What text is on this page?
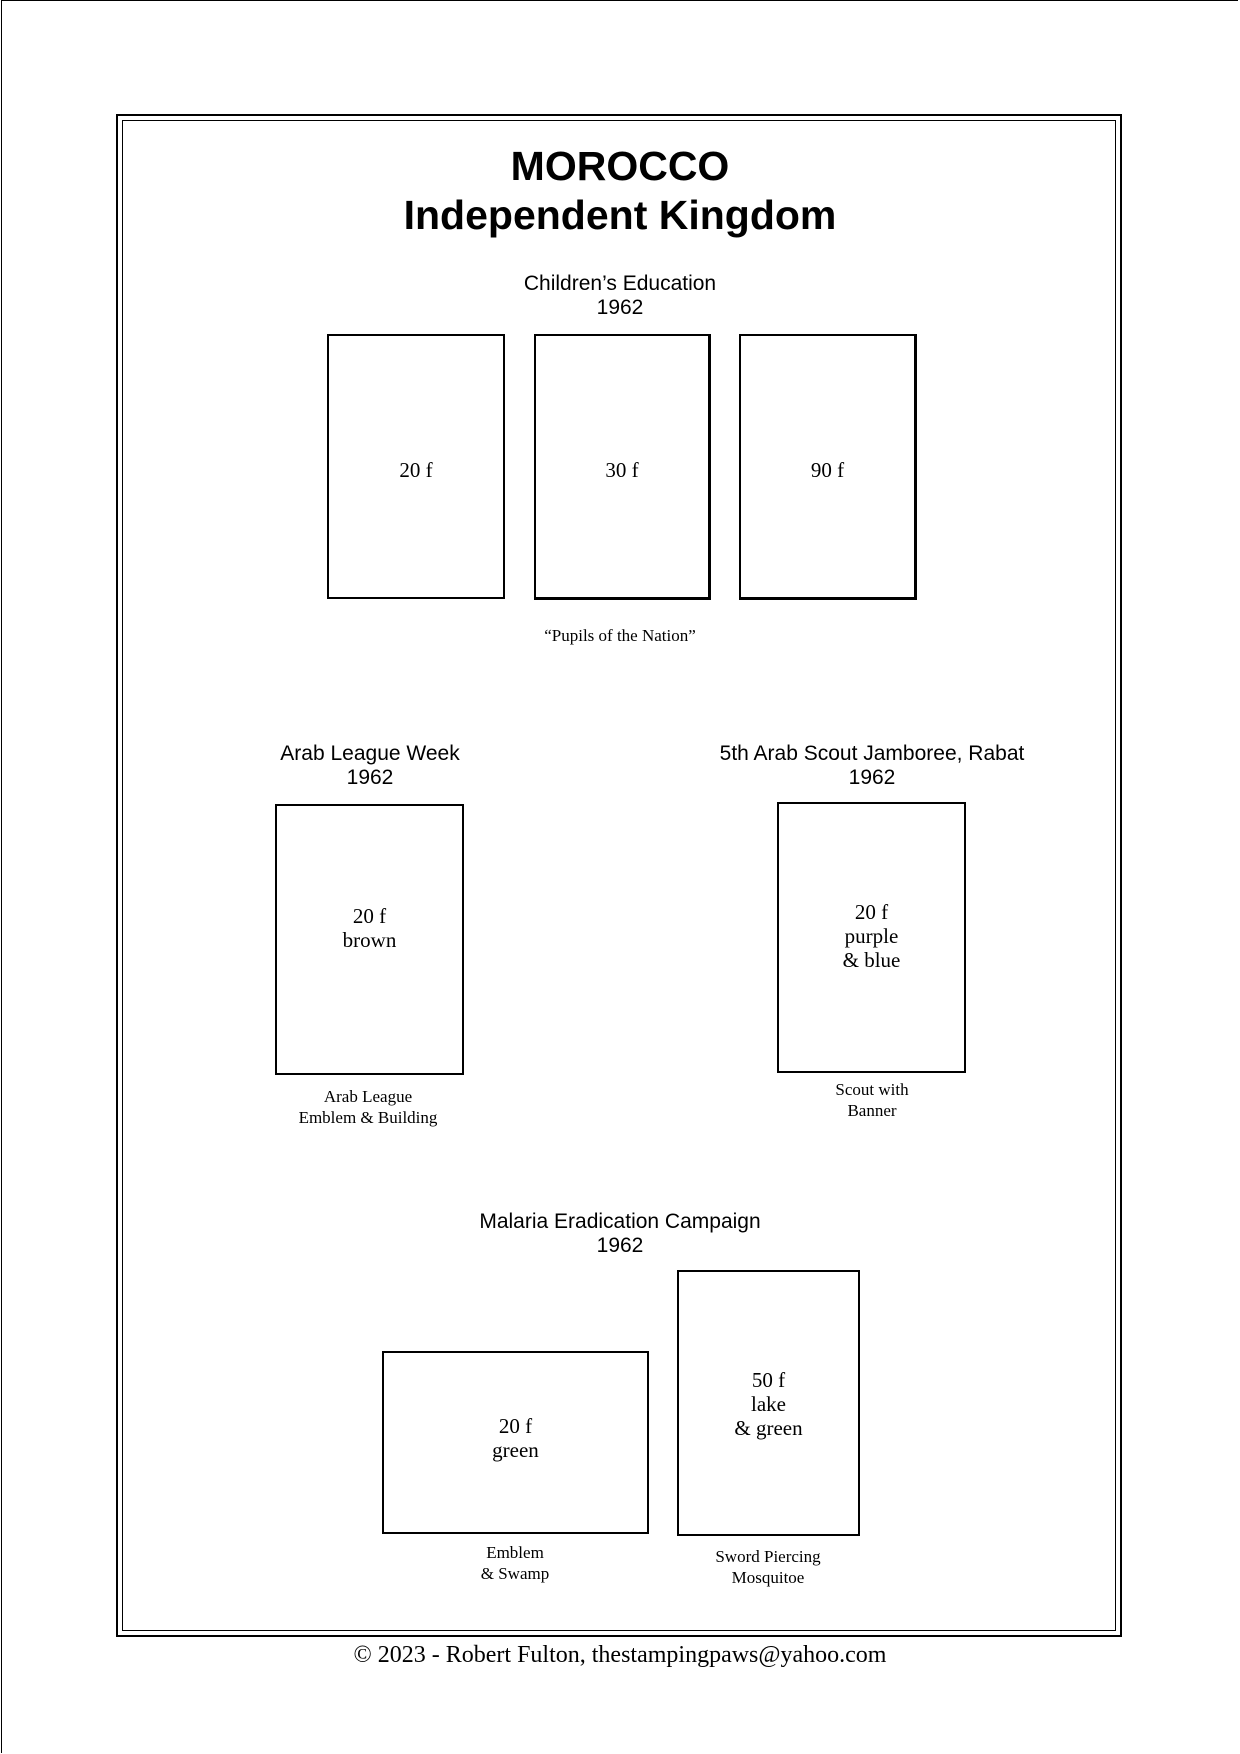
MOROCCO
Independent Kingdom
Children’s Education
1962
20 f	30 f	90 f
“Pupils of the Nation”
Arab League Week
1962
20 f
brown
Arab League
Emblem & Building
5th Arab Scout Jamboree, Rabat
1962
20 f
purple
& blue
Scout with
Banner
Malaria Eradication Campaign
1962
20 f
green
50 f
lake
& green
Emblem
& Swamp
Sword Piercing
Mosquitoe
© 2023 - Robert Fulton, thestampingpaws@yahoo.com
